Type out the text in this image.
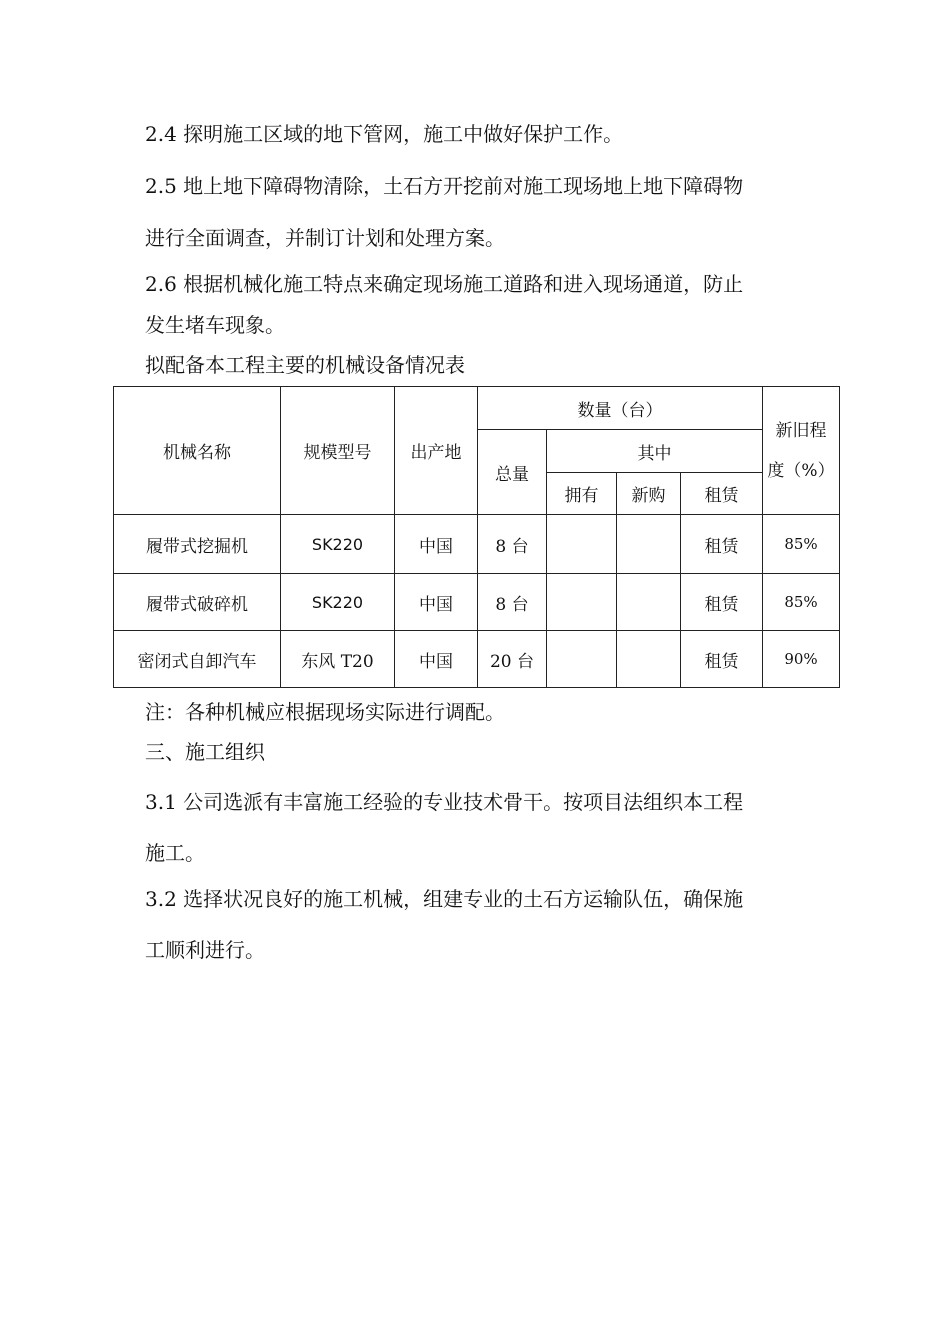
2.4 探明施工区域的地下管网，施工中做好保护工作。
2.5 地上地下障碍物清除，土石方开挖前对施工现场地上地下障碍物
进行全面调查，并制订计划和处理方案。
2.6 根据机械化施工特点来确定现场施工道路和进入现场通道，防止
发生堵车现象。
拟配备本工程主要的机械设备情况表
机械名称	规模型号	出产地	数量（台）				新旧程
度（%）
			总量	其中			
				拥有	新购	租赁	
履带式挖掘机	SK220	中国	8 台			租赁	85%
履带式破碎机	SK220	中国	8 台			租赁	85%
密闭式自卸汽车	东风 T20	中国	20 台			租赁	90%
注：各种机械应根据现场实际进行调配。
三、施工组织
3.1 公司选派有丰富施工经验的专业技术骨干。按项目法组织本工程
施工。
3.2 选择状况良好的施工机械，组建专业的土石方运输队伍，确保施
工顺利进行。
